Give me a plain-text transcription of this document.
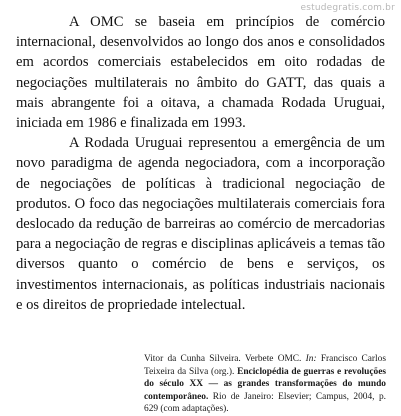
estudegratis.com.br

A OMC se baseia em princípios de comércio internacional, desenvolvidos ao longo dos anos e consolidados em acordos comerciais estabelecidos em oito rodadas de negociações multilaterais no âmbito do GATT, das quais a mais abrangente foi a oitava, a chamada Rodada Uruguai, iniciada em 1986 e finalizada em 1993.

A Rodada Uruguai representou a emergência de um novo paradigma de agenda negociadora, com a incorporação de negociações de políticas à tradicional negociação de produtos. O foco das negociações multilaterais comerciais fora deslocado da redução de barreiras ao comércio de mercadorias para a negociação de regras e disciplinas aplicáveis a temas tão diversos quanto o comércio de bens e serviços, os investimentos internacionais, as políticas industriais nacionais e os direitos de propriedade intelectual.

Vitor da Cunha Silveira. Verbete OMC. In: Francisco Carlos Teixeira da Silva (org.). Enciclopédia de guerras e revoluções do século XX — as grandes transformações do mundo contemporâneo. Rio de Janeiro: Elsevier; Campus, 2004, p. 629 (com adaptações).
